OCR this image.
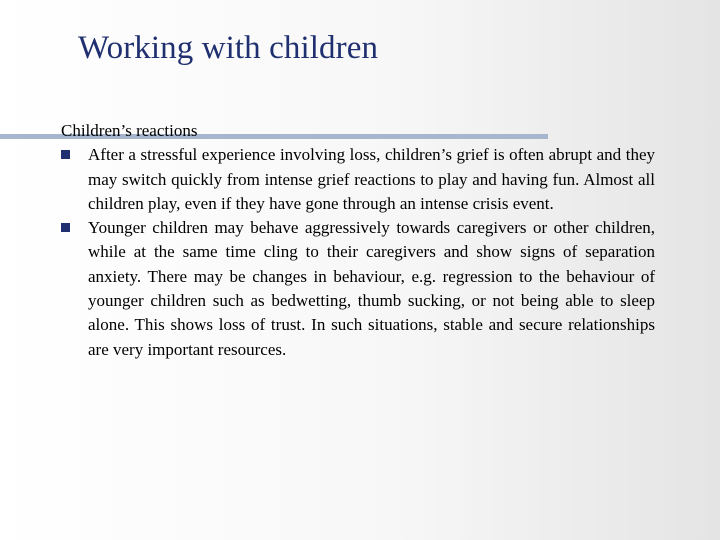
Working with children
Children’s reactions
After a stressful experience involving loss, children’s grief is often abrupt and they may switch quickly from intense grief reactions to play and having fun. Almost all children play, even if they have gone through an intense crisis event.
Younger children may behave aggressively towards caregivers or other children, while at the same time cling to their caregivers and show signs of separation anxiety. There may be changes in behaviour, e.g. regression to the behaviour of younger children such as bedwetting, thumb sucking, or not being able to sleep alone. This shows loss of trust. In such situations, stable and secure relationships are very important resources.
